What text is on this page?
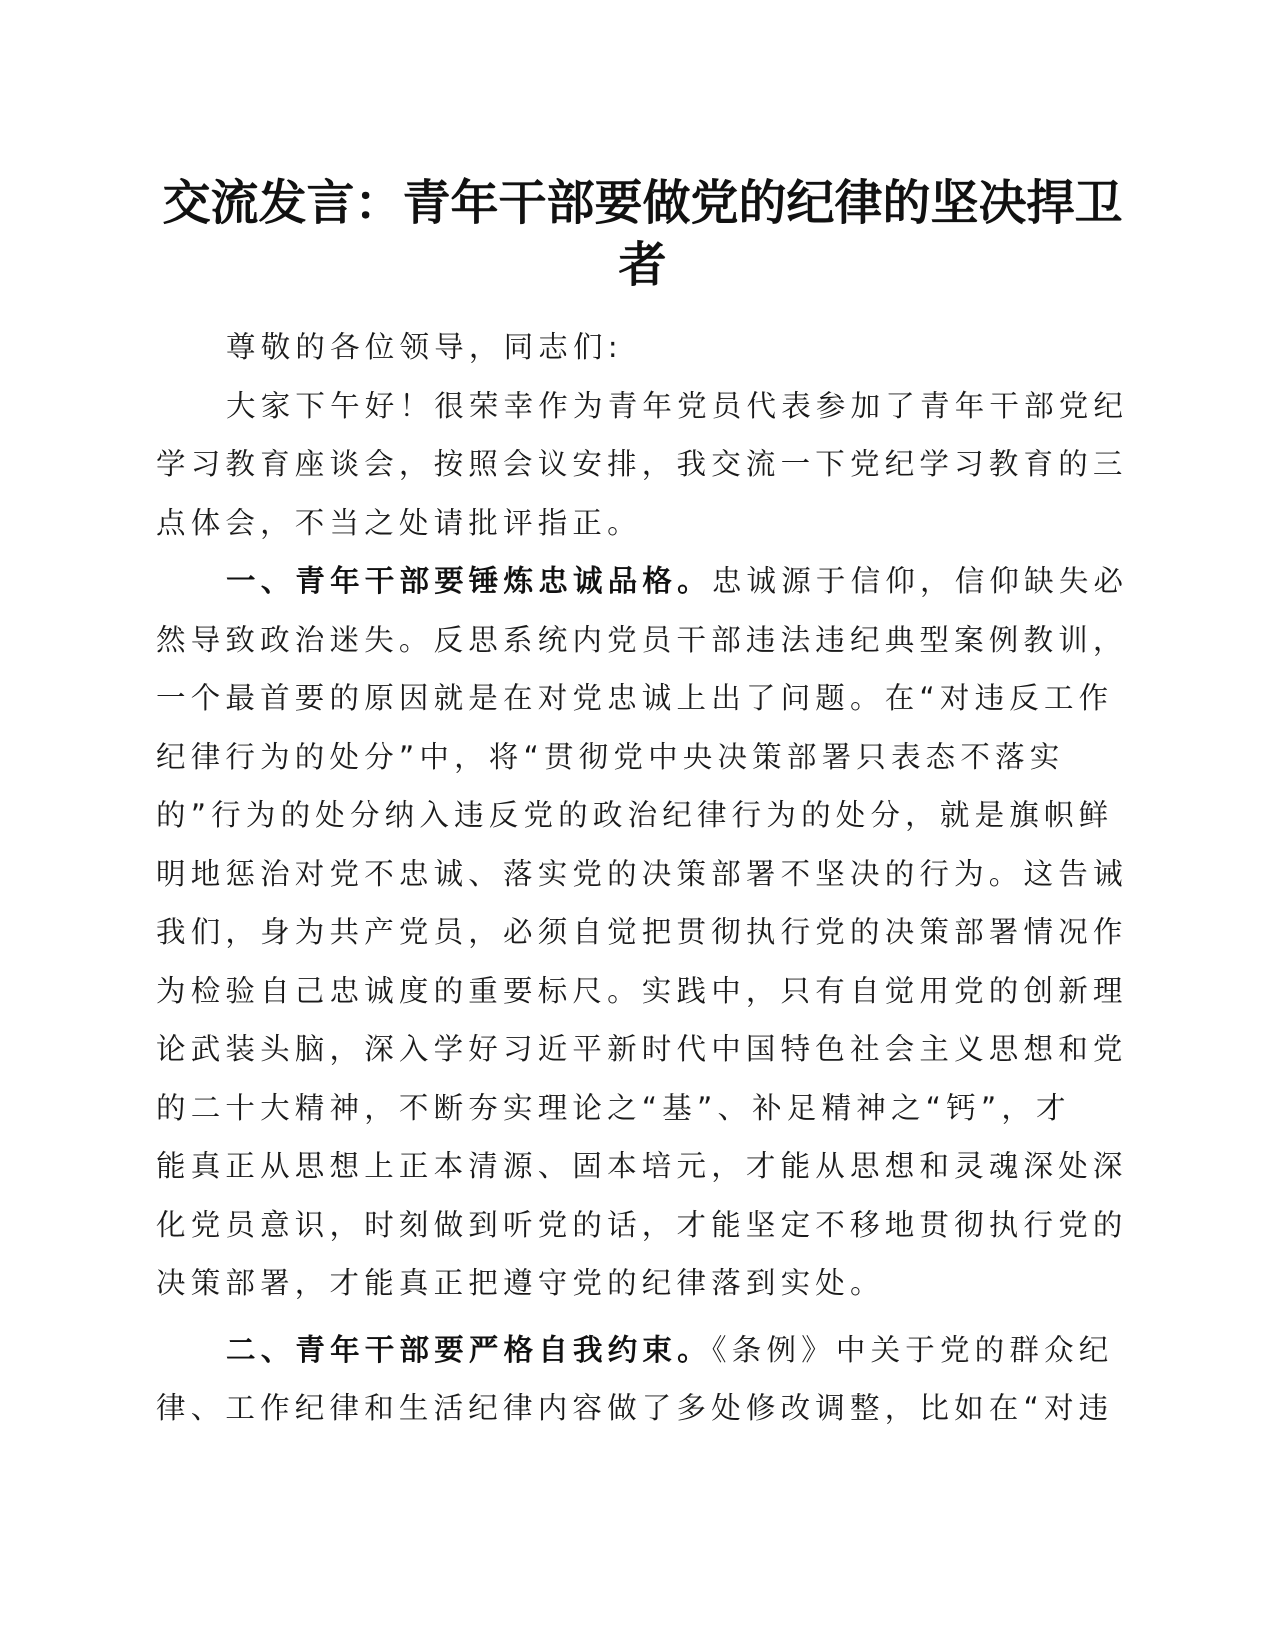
交流发言：青年干部要做党的纪律的坚决捍卫
者
尊敬的各位领导，同志们:
大家下午好！很荣幸作为青年党员代表参加了青年干部党纪
学习教育座谈会，按照会议安排，我交流一下党纪学习教育的三
点体会，不当之处请批评指正。
一、青年干部要锤炼忠诚品格。忠诚源于信仰，信仰缺失必
然导致政治迷失。反思系统内党员干部违法违纪典型案例教训，
一个最首要的原因就是在对党忠诚上出了问题。在“对违反工作
纪律行为的处分”中，将“贯彻党中央决策部署只表态不落实
的”行为的处分纳入违反党的政治纪律行为的处分，就是旗帜鲜
明地惩治对党不忠诚、落实党的决策部署不坚决的行为。这告诫
我们，身为共产党员，必须自觉把贯彻执行党的决策部署情况作
为检验自己忠诚度的重要标尺。实践中，只有自觉用党的创新理
论武装头脑，深入学好习近平新时代中国特色社会主义思想和党
的二十大精神，不断夯实理论之“基”、补足精神之“钙”，才
能真正从思想上正本清源、固本培元，才能从思想和灵魂深处深
化党员意识，时刻做到听党的话，才能坚定不移地贯彻执行党的
决策部署，才能真正把遵守党的纪律落到实处。
二、青年干部要严格自我约束。《条例》中关于党的群众纪
律、工作纪律和生活纪律内容做了多处修改调整，比如在“对违
